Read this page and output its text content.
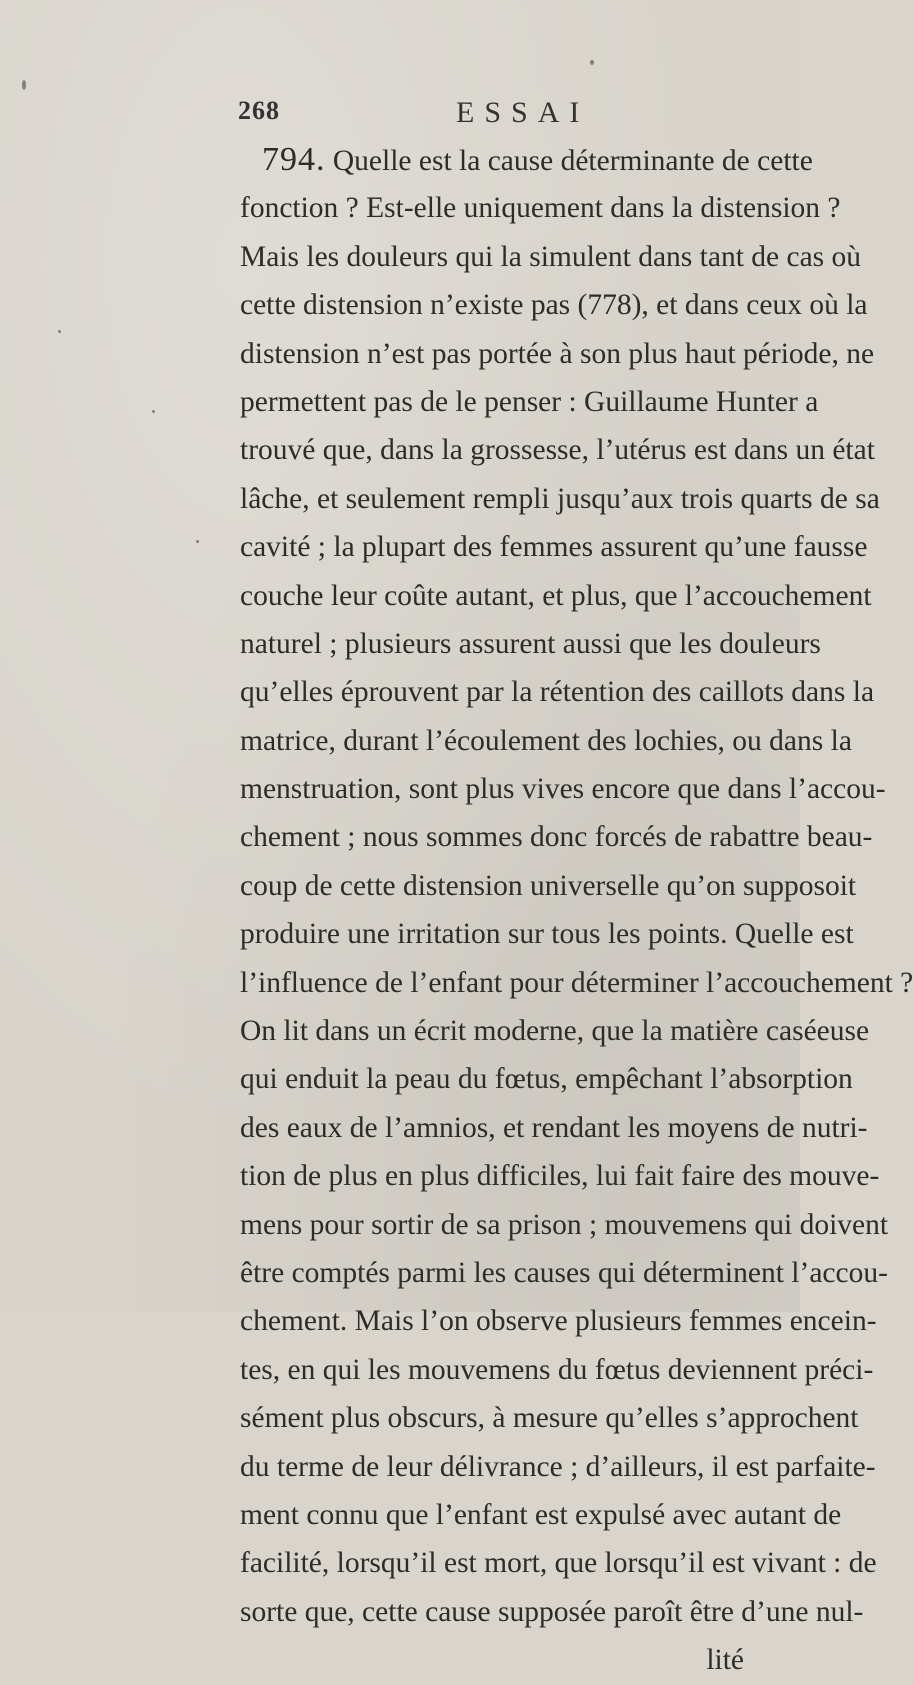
268	ESSAI
794. Quelle est la cause déterminante de cette
fonction ? Est-elle uniquement dans la distension ?
Mais les douleurs qui la simulent dans tant de cas où
cette distension n’existe pas (778), et dans ceux où la
distension n’est pas portée à son plus haut période, ne
permettent pas de le penser : Guillaume Hunter a
trouvé que, dans la grossesse, l’utérus est dans un état
lâche, et seulement rempli jusqu’aux trois quarts de sa
cavité ; la plupart des femmes assurent qu’une fausse
couche leur coûte autant, et plus, que l’accouchement
naturel ; plusieurs assurent aussi que les douleurs
qu’elles éprouvent par la rétention des caillots dans la
matrice, durant l’écoulement des lochies, ou dans la
menstruation, sont plus vives encore que dans l’accou-
chement ; nous sommes donc forcés de rabattre beau-
coup de cette distension universelle qu’on supposoit
produire une irritation sur tous les points. Quelle est
l’influence de l’enfant pour déterminer l’accouchement ?
On lit dans un écrit moderne, que la matière caséeuse
qui enduit la peau du fœtus, empêchant l’absorption
des eaux de l’amnios, et rendant les moyens de nutri-
tion de plus en plus difficiles, lui fait faire des mouve-
mens pour sortir de sa prison ; mouvemens qui doivent
être comptés parmi les causes qui déterminent l’accou-
chement. Mais l’on observe plusieurs femmes encein-
tes, en qui les mouvemens du fœtus deviennent préci-
sément plus obscurs, à mesure qu’elles s’approchent
du terme de leur délivrance ; d’ailleurs, il est parfaite-
ment connu que l’enfant est expulsé avec autant de
facilité, lorsqu’il est mort, que lorsqu’il est vivant : de
sorte que, cette cause supposée paroît être d’une nul-
lité
